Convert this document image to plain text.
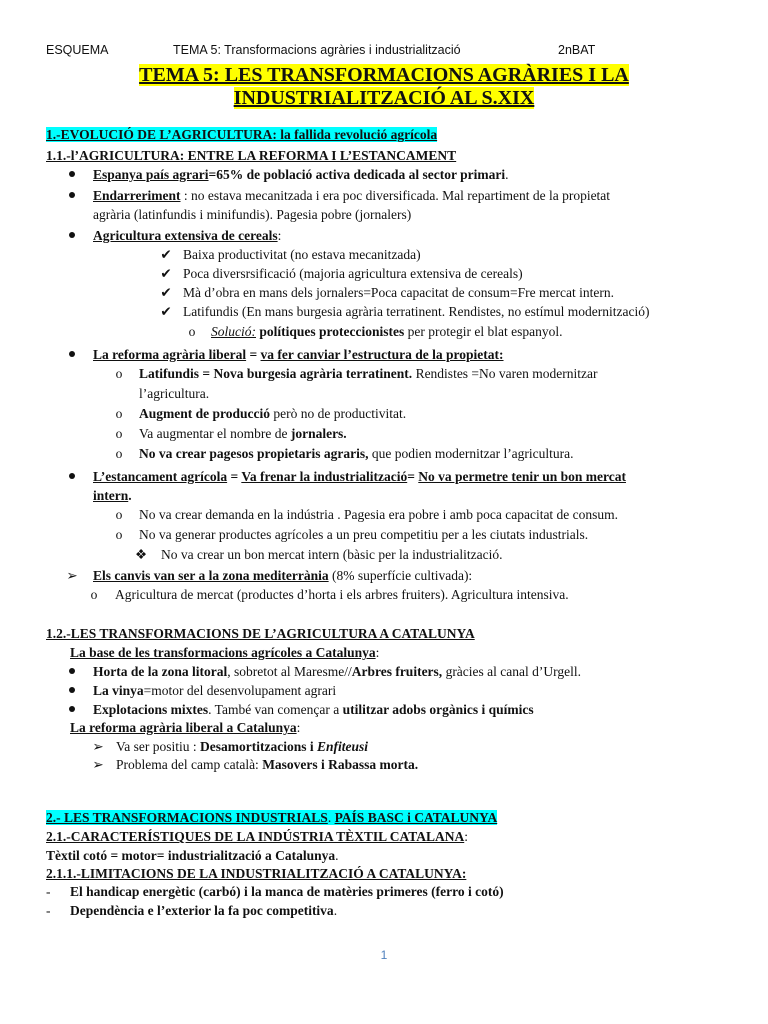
ESQUEMA	TEMA 5: Transformacions agràries i industrialització	2nBAT
TEMA 5: LES TRANSFORMACIONS AGRÀRIES I LA
INDUSTRIALITZACIÓ AL S.XIX
1.-EVOLUCIÓ DE L’AGRICULTURA: la fallida revolució agrícola
1.1.-l’AGRICULTURA: ENTRE LA REFORMA I L’ESTANCAMENT
Espanya país agrari=65% de població activa dedicada al sector primari.
Endarreriment : no estava mecanitzada i era poc diversificada. Mal repartiment de la propietat
agrària (latinfundis i minifundis). Pagesia pobre (jornalers)
Agricultura extensiva de cereals:
✔ Baixa productivitat (no estava mecanitzada)
✔ Poca diversrsificació (majoria agricultura extensiva de cereals)
✔ Mà d’obra en mans dels jornalers=Poca capacitat de consum=Fre mercat intern.
✔ Latifundis (En mans burgesia agrària terratinent. Rendistes, no estímul modernització)
o	Solució: polítiques proteccionistes per protegir el blat espanyol.
La reforma agrària liberal = va fer canviar l’estructura de la propietat:
o	Latifundis = Nova burgesia agrària terratinent. Rendistes =No varen modernitzar
l’agricultura.
o	Augment de producció però no de productivitat.
o	Va augmentar el nombre de jornalers.
o	No va crear pagesos propietaris agraris, que podien modernitzar l’agricultura.
L’estancament agrícola = Va frenar la industrialització= No va permetre tenir un bon mercat
intern.
o	No va crear demanda en la indústria . Pagesia era pobre i amb poca capacitat de consum.
o	No va generar productes agrícoles a un preu competitiu per a les ciutats industrials.
❖ No va crear un bon mercat intern (bàsic per la industrialització.
➢ Els canvis van ser a la zona mediterrània (8% superfície cultivada):
o	Agricultura de mercat (productes d’horta i els arbres fruiters). Agricultura intensiva.
1.2.-LES TRANSFORMACIONS DE L’AGRICULTURA A CATALUNYA
La base de les transformacions agrícoles a Catalunya:
Horta de la zona litoral, sobretot al Maresme//Arbres fruiters, gràcies al canal d’Urgell.
La vinya=motor del desenvolupament agrari
Explotacions mixtes. També van començar a utilitzar adobs orgànics i químics
La reforma agrària liberal a Catalunya:
➢ Va ser positiu : Desamortitzacions i Enfiteusi
➢ Problema del camp català: Masovers i Rabassa morta.
2.- LES TRANSFORMACIONS INDUSTRIALS. PAÍS BASC i CATALUNYA
2.1.-CARACTERÍSTIQUES DE LA INDÚSTRIA TÈXTIL CATALANA:
Tèxtil cotó = motor= industrialització a Catalunya.
2.1.1.-LIMITACIONS DE LA INDUSTRIALITZACIÓ A CATALUNYA:
- El handicap energètic (carbó) i la manca de matèries primeres (ferro i cotó)
- Dependència e l’exterior la fa poc competitiva.
1
